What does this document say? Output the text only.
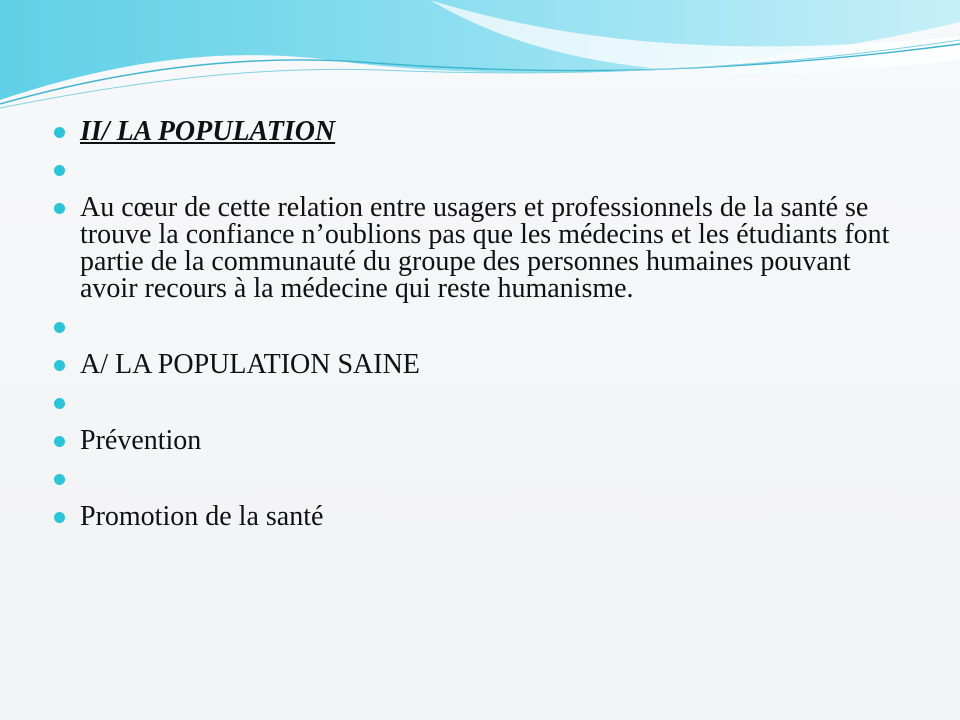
II/ LA POPULATION
Au cœur de cette relation entre usagers et professionnels de la santé se trouve la confiance n’oublions pas que les médecins et les étudiants font partie de la communauté du groupe des personnes humaines pouvant avoir recours à la médecine qui reste humanisme.
A/ LA POPULATION SAINE
Prévention
Promotion de la santé
